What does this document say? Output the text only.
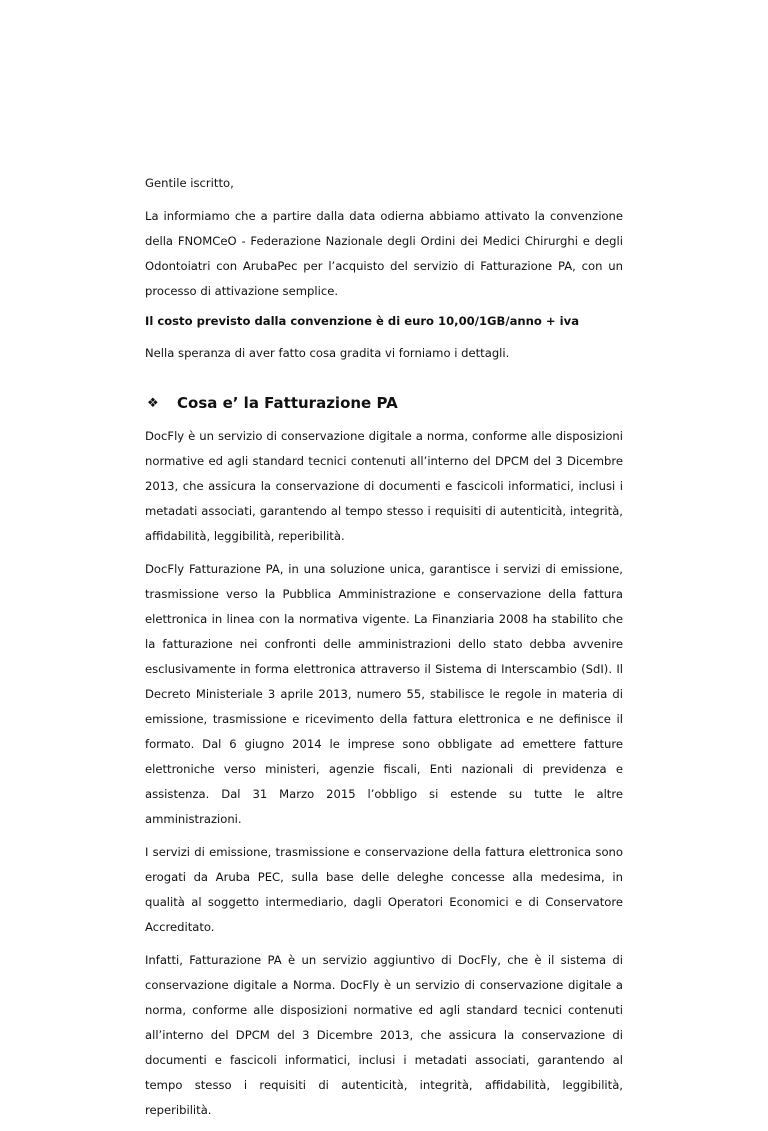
Gentile iscritto,

La informiamo che a partire dalla data odierna abbiamo attivato la convenzione della FNOMCeO - Federazione Nazionale degli Ordini dei Medici Chirurghi e degli Odontoiatri con ArubaPec per l’acquisto del servizio di Fatturazione PA, con un processo di attivazione semplice.

Il costo previsto dalla convenzione è di euro 10,00/1GB/anno + iva

Nella speranza di aver fatto cosa gradita vi forniamo i dettagli.

❖	Cosa e’ la Fatturazione PA

DocFly è un servizio di conservazione digitale a norma, conforme alle disposizioni normative ed agli standard tecnici contenuti all’interno del DPCM del 3 Dicembre 2013, che assicura la conservazione di documenti e fascicoli informatici, inclusi i metadati associati, garantendo al tempo stesso i requisiti di autenticità, integrità, affidabilità, leggibilità, reperibilità.

DocFly Fatturazione PA, in una soluzione unica, garantisce i servizi di emissione, trasmissione verso la Pubblica Amministrazione e conservazione della fattura elettronica in linea con la normativa vigente. La Finanziaria 2008 ha stabilito che la fatturazione nei confronti delle amministrazioni dello stato debba avvenire esclusivamente in forma elettronica attraverso il Sistema di Interscambio (SdI). Il Decreto Ministeriale 3 aprile 2013, numero 55, stabilisce le regole in materia di emissione, trasmissione e ricevimento della fattura elettronica e ne definisce il formato. Dal 6 giugno 2014 le imprese sono obbligate ad emettere fatture elettroniche verso ministeri, agenzie fiscali, Enti nazionali di previdenza e assistenza. Dal 31 Marzo 2015 l’obbligo si estende su tutte le altre amministrazioni.

I servizi di emissione, trasmissione e conservazione della fattura elettronica sono erogati da Aruba PEC, sulla base delle deleghe concesse alla medesima, in qualità al soggetto intermediario, dagli Operatori Economici e di Conservatore Accreditato.

Infatti, Fatturazione PA è un servizio aggiuntivo di DocFly, che è il sistema di conservazione digitale a Norma. DocFly è un servizio di conservazione digitale a norma, conforme alle disposizioni normative ed agli standard tecnici contenuti all’interno del DPCM del 3 Dicembre 2013, che assicura la conservazione di documenti e fascicoli informatici, inclusi i metadati associati, garantendo al tempo stesso i requisiti di autenticità, integrità, affidabilità, leggibilità, reperibilità.
